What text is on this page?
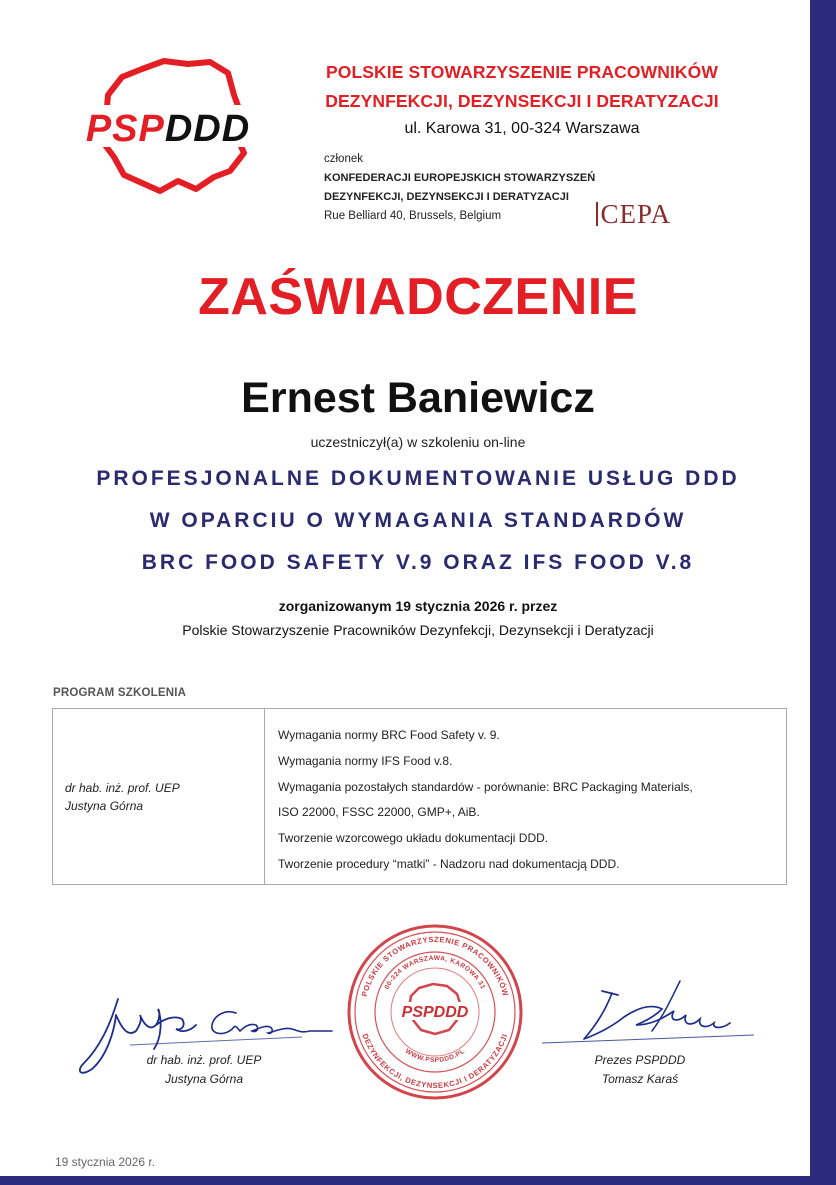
PSPDDD
POLSKIE STOWARZYSZENIE PRACOWNIKÓW
DEZYNFEKCJI, DEZYNSEKCJI I DERATYZACJI
ul. Karowa 31, 00-324 Warszawa
członek
KONFEDERACJI EUROPEJSKICH STOWARZYSZEŃ
DEZYNFEKCJI, DEZYNSEKCJI I DERATYZACJI
Rue Belliard 40, Brussels, Belgium	CEPA
ZAŚWIADCZENIE
Ernest Baniewicz
uczestniczył(a) w szkoleniu on-line
PROFESJONALNE DOKUMENTOWANIE USŁUG DDD
W OPARCIU O WYMAGANIA STANDARDÓW
BRC FOOD SAFETY V.9 ORAZ IFS FOOD V.8
zorganizowanym 19 stycznia 2026 r. przez
Polskie Stowarzyszenie Pracowników Dezynfekcji, Dezynsekcji i Deratyzacji
PROGRAM SZKOLENIA
dr hab. inż. prof. UEP
Justyna Górna
Wymagania normy BRC Food Safety v. 9.
Wymagania normy IFS Food v.8.
Wymagania pozostałych standardów - porównanie: BRC Packaging Materials,
ISO 22000, FSSC 22000, GMP+, AiB.
Tworzenie wzorcowego układu dokumentacji DDD.
Tworzenie procedury “matki” - Nadzoru nad dokumentacją DDD.
POLSKIE STOWARZYSZENIE PRACOWNIKÓW
DEZYNFEKCJI, DEZYNSEKCJI I DERATYZACJI
00-324 WARSZAWA, KAROWA 31
WWW.PSPDDD.PL
PSPDDD
dr hab. inż. prof. UEP
Justyna Górna
Prezes PSPDDD
Tomasz Karaś
19 stycznia 2026 r.
